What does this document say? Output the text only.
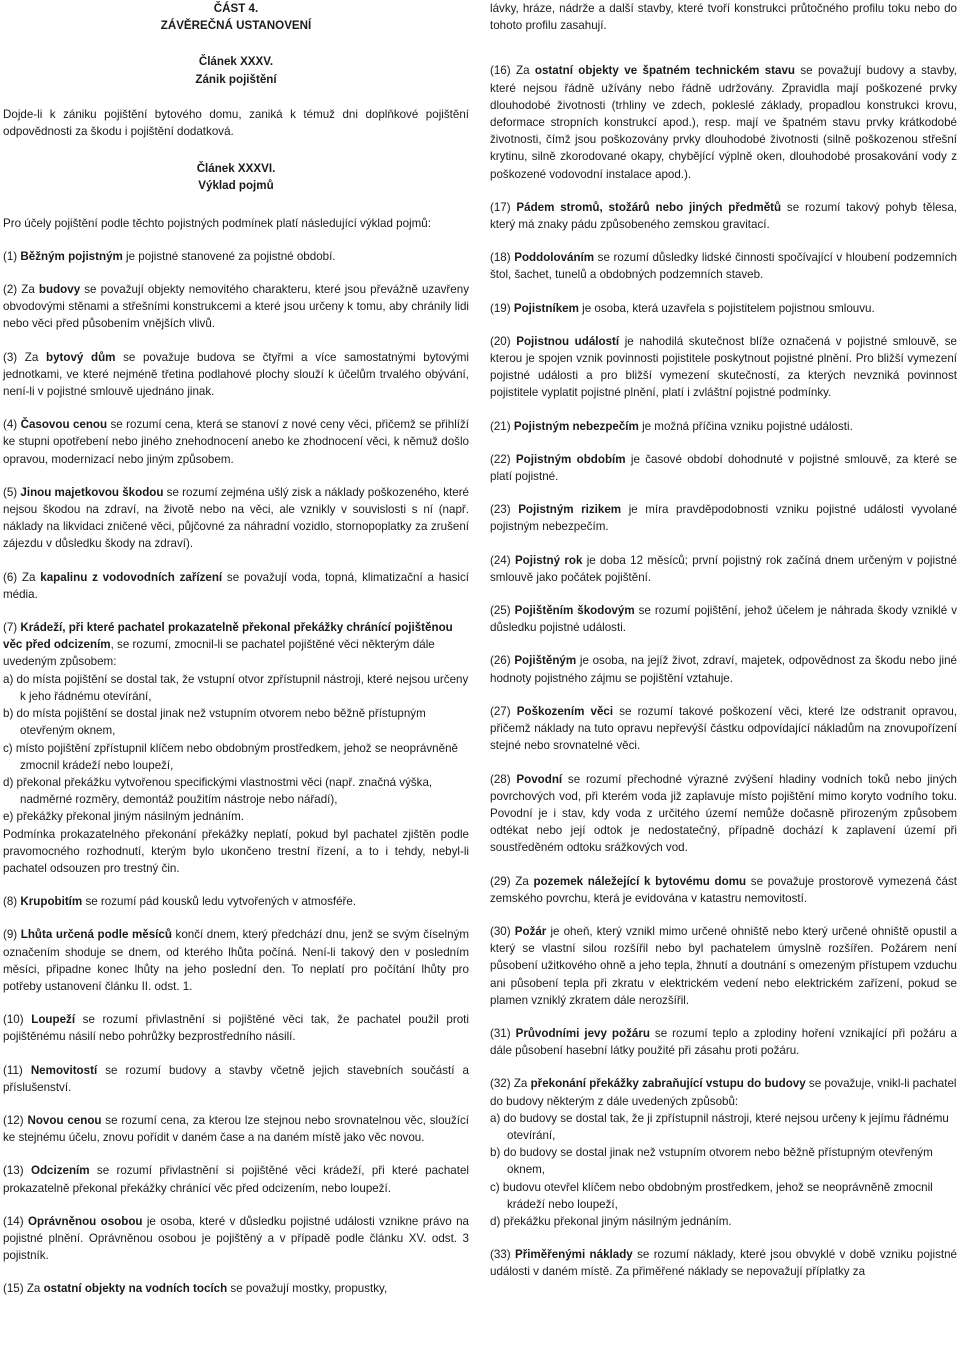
ČÁST 4.

ZÁVĚREČNÁ USTANOVENÍ

Článek XXXV.

Zánik pojištění

Dojde-li k zániku pojištění bytového domu, zaniká k témuž dni doplňkové pojištění odpovědnosti za škodu i pojištění dodatková.

Článek XXXVI.

Výklad pojmů

Pro účely pojištění podle těchto pojistných podmínek platí následující výklad pojmů:

(1) Běžným pojistným je pojistné stanovené za pojistné období.

(2) Za budovy se považují objekty nemovitého charakteru, které jsou převážně uzavřeny obvodovými stěnami a střešními konstrukcemi a které jsou určeny k tomu, aby chránily lidi nebo věci před působením vnějších vlivů.

(3) Za bytový dům se považuje budova se čtyřmi a více samostatnými bytovými jednotkami, ve které nejméně třetina podlahové plochy slouží k účelům trvalého obývání, není-li v pojistné smlouvě ujednáno jinak.

(4) Časovou cenou se rozumí cena, která se stanoví z nové ceny věci, přičemž se přihlíží ke stupni opotřebení nebo jiného znehodnocení anebo ke zhodnocení věci, k němuž došlo opravou, modernizací nebo jiným způsobem.

(5) Jinou majetkovou škodou se rozumí zejména ušlý zisk a náklady poškozeného, které nejsou škodou na zdraví, na životě nebo na věci, ale vznikly v souvislosti s ní (např. náklady na likvidaci zničené věci, půjčovné za náhradní vozidlo, stornopoplatky za zrušení zájezdu v důsledku škody na zdraví).

(6) Za kapalinu z vodovodních zařízení se považují voda, topná, klimatizační a hasicí média.

(7) Krádeží, při které pachatel prokazatelně překonal překážky chránící pojištěnou věc před odcizením, se rozumí, zmocnil-li se pachatel pojištěné věci některým dále uvedeným způsobem:

a) do místa pojištění se dostal tak, že vstupní otvor zpřístupnil nástroji, které nejsou určeny k jeho řádnému otevírání,

b) do místa pojištění se dostal jinak než vstupním otvorem nebo běžně přístupným otevřeným oknem,

c) místo pojištění zpřístupnil klíčem nebo obdobným prostředkem, jehož se neoprávněně zmocnil krádeží nebo loupeží,

d) překonal překážku vytvořenou specifickými vlastnostmi věci (např. značná výška, nadměrné rozměry, demontáž použitím nástroje nebo nářadí),

e) překážky překonal jiným násilným jednáním.

Podmínka prokazatelného překonání překážky neplatí, pokud byl pachatel zjištěn podle pravomocného rozhodnutí, kterým bylo ukončeno trestní řízení, a to i tehdy, nebyl-li pachatel odsouzen pro trestný čin.

(8) Krupobitím se rozumí pád kousků ledu vytvořených v atmosféře.

(9) Lhůta určená podle měsíců končí dnem, který předchází dnu, jenž se svým číselným označením shoduje se dnem, od kterého lhůta počíná. Není-li takový den v posledním měsíci, připadne konec lhůty na jeho poslední den. To neplatí pro počítání lhůty pro potřeby ustanovení článku II. odst. 1.

(10) Loupeží se rozumí přivlastnění si pojištěné věci tak, že pachatel použil proti pojištěnému násilí nebo pohrůžky bezprostředního násilí.

(11) Nemovitostí se rozumí budovy a stavby včetně jejich stavebních součástí a příslušenství.

(12) Novou cenou se rozumí cena, za kterou lze stejnou nebo srovnatelnou věc, sloužící ke stejnému účelu, znovu pořídit v daném čase a na daném místě jako věc novou.

(13) Odcizením se rozumí přivlastnění si pojištěné věci krádeží, při které pachatel prokazatelně překonal překážky chránící věc před odcizením, nebo loupeží.

(14) Oprávněnou osobou je osoba, které v důsledku pojistné události vznikne právo na pojistné plnění. Oprávněnou osobou je pojištěný a v případě podle článku XV. odst. 3 pojistník.

(15) Za ostatní objekty na vodních tocích se považují mostky, propustky,

lávky, hráze, nádrže a další stavby, které tvoří konstrukci průtočného profilu toku nebo do tohoto profilu zasahují.

(16) Za ostatní objekty ve špatném technickém stavu se považují budovy a stavby, které nejsou řádně užívány nebo řádně udržovány. Zpravidla mají poškozené prvky dlouhodobé životnosti (trhliny ve zdech, pokleslé základy, propadlou konstrukci krovu, deformace stropních konstrukcí apod.), resp. mají ve špatném stavu prvky krátkodobé životnosti, čímž jsou poškozovány prvky dlouhodobé životnosti (silně poškozenou střešní krytinu, silně zkorodované okapy, chybějící výplně oken, dlouhodobé prosakování vody z poškozené vodovodní instalace apod.).

(17) Pádem stromů, stožárů nebo jiných předmětů se rozumí takový pohyb tělesa, který má znaky pádu způsobeného zemskou gravitací.

(18) Poddolováním se rozumí důsledky lidské činnosti spočívající v hloubení podzemních štol, šachet, tunelů a obdobných podzemních staveb.

(19) Pojistníkem je osoba, která uzavřela s pojistitelem pojistnou smlouvu.

(20) Pojistnou událostí je nahodilá skutečnost blíže označená v pojistné smlouvě, se kterou je spojen vznik povinnosti pojistitele poskytnout pojistné plnění. Pro bližší vymezení pojistné události a pro bližší vymezení skutečností, za kterých nevzniká povinnost pojistitele vyplatit pojistné plnění, platí i zvláštní pojistné podmínky.

(21) Pojistným nebezpečím je možná příčina vzniku pojistné události.

(22) Pojistným obdobím je časové období dohodnuté v pojistné smlouvě, za které se platí pojistné.

(23) Pojistným rizikem je míra pravděpodobnosti vzniku pojistné události vyvolané pojistným nebezpečím.

(24) Pojistný rok je doba 12 měsíců; první pojistný rok začíná dnem určeným v pojistné smlouvě jako počátek pojištění.

(25) Pojištěním škodovým se rozumí pojištění, jehož účelem je náhrada škody vzniklé v důsledku pojistné události.

(26) Pojištěným je osoba, na jejíž život, zdraví, majetek, odpovědnost za škodu nebo jiné hodnoty pojistného zájmu se pojištění vztahuje.

(27) Poškozením věci se rozumí takové poškození věci, které lze odstranit opravou, přičemž náklady na tuto opravu nepřevýší částku odpovídající nákladům na znovupořízení stejné nebo srovnatelné věci.

(28) Povodní se rozumí přechodné výrazné zvýšení hladiny vodních toků nebo jiných povrchových vod, při kterém voda již zaplavuje místo pojištění mimo koryto vodního toku. Povodní je i stav, kdy voda z určitého území nemůže dočasně přirozeným způsobem odtékat nebo její odtok je nedostatečný, případně dochází k zaplavení území při soustředěném odtoku srážkových vod.

(29) Za pozemek náležející k bytovému domu se považuje prostorově vymezená část zemského povrchu, která je evidována v katastru nemovitostí.

(30) Požár je oheň, který vznikl mimo určené ohniště nebo který určené ohniště opustil a který se vlastní silou rozšířil nebo byl pachatelem úmyslně rozšířen. Požárem není působení užitkového ohně a jeho tepla, žhnutí a doutnání s omezeným přístupem vzduchu ani působení tepla při zkratu v elektrickém vedení nebo elektrickém zařízení, pokud se plamen vzniklý zkratem dále nerozšířil.

(31) Průvodními jevy požáru se rozumí teplo a zplodiny hoření vznikající při požáru a dále působení hasební látky použité při zásahu proti požáru.

(32) Za překonání překážky zabraňující vstupu do budovy se považuje, vnikl-li pachatel do budovy některým z dále uvedených způsobů:

a) do budovy se dostal tak, že ji zpřístupnil nástroji, které nejsou určeny k jejímu řádnému otevírání,

b) do budovy se dostal jinak než vstupním otvorem nebo běžně přístupným otevřeným oknem,

c) budovu otevřel klíčem nebo obdobným prostředkem, jehož se neoprávněně zmocnil krádeží nebo loupeží,

d) překážku překonal jiným násilným jednáním.

(33) Přiměřenými náklady se rozumí náklady, které jsou obvyklé v době vzniku pojistné události v daném místě. Za přiměřené náklady se nepovažují příplatky za
